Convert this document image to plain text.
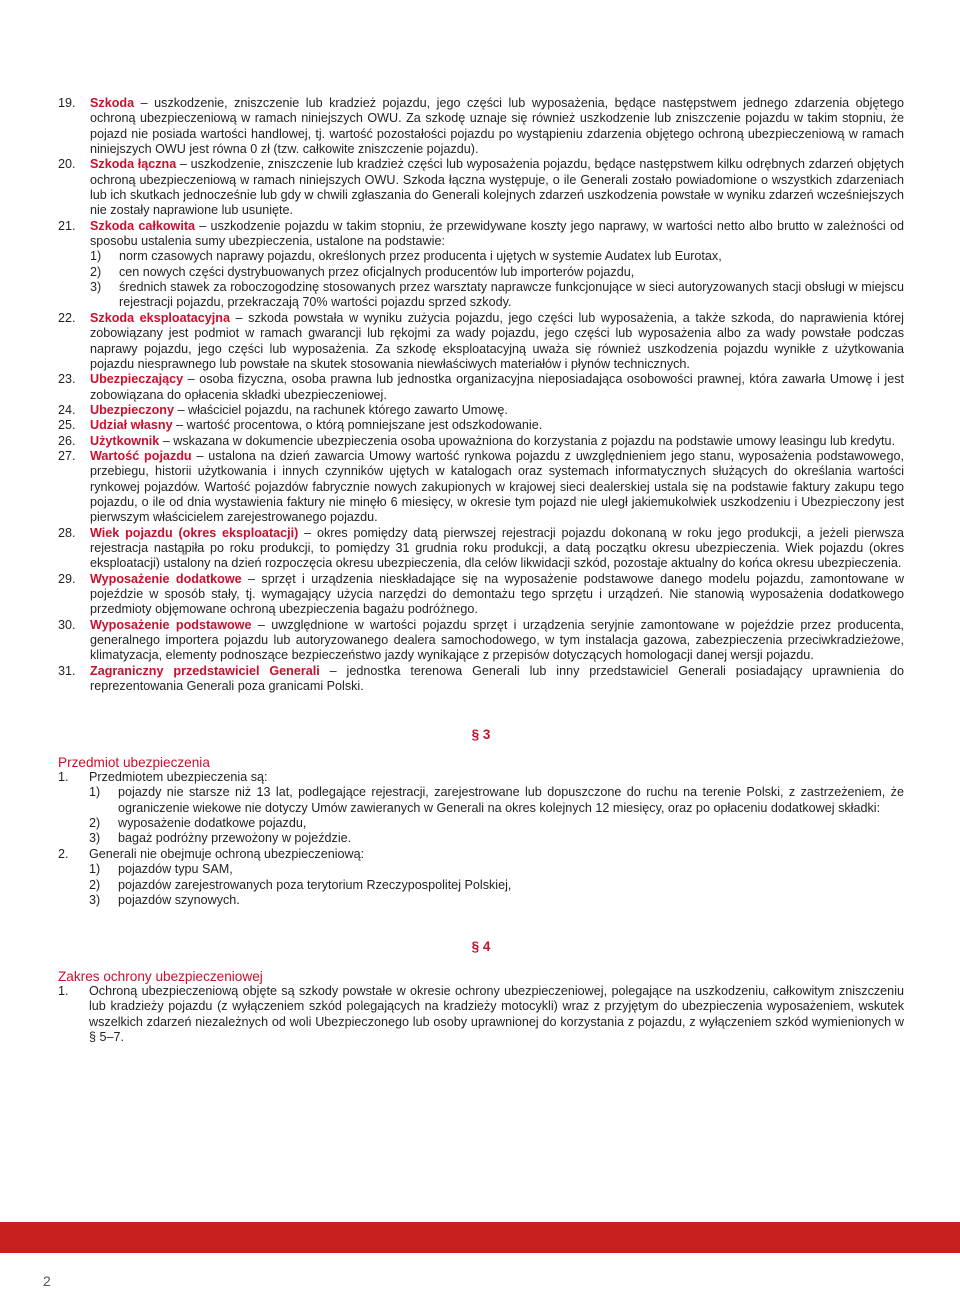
19. Szkoda – uszkodzenie, zniszczenie lub kradzież pojazdu, jego części lub wyposażenia, będące następstwem jednego zdarzenia objętego ochroną ubezpieczeniową w ramach niniejszych OWU. Za szkodę uznaje się również uszkodzenie lub zniszczenie pojazdu w takim stopniu, że pojazd nie posiada wartości handlowej, tj. wartość pozostałości pojazdu po wystąpieniu zdarzenia objętego ochroną ubezpieczeniową w ramach niniejszych OWU jest równa 0 zł (tzw. całkowite zniszczenie pojazdu).
20. Szkoda łączna – uszkodzenie, zniszczenie lub kradzież części lub wyposażenia pojazdu, będące następstwem kilku odrębnych zdarzeń objętych ochroną ubezpieczeniową w ramach niniejszych OWU. Szkoda łączna występuje, o ile Generali zostało powiadomione o wszystkich zdarzeniach lub ich skutkach jednocześnie lub gdy w chwili zgłaszania do Generali kolejnych zdarzeń uszkodzenia powstałe w wyniku zdarzeń wcześniejszych nie zostały naprawione lub usunięte.
21. Szkoda całkowita – uszkodzenie pojazdu w takim stopniu, że przewidywane koszty jego naprawy, w wartości netto albo brutto w zależności od sposobu ustalenia sumy ubezpieczenia, ustalone na podstawie:
1) norm czasowych naprawy pojazdu, określonych przez producenta i ujętych w systemie Audatex lub Eurotax,
2) cen nowych części dystrybuowanych przez oficjalnych producentów lub importerów pojazdu,
3) średnich stawek za roboczogodzinę stosowanych przez warsztaty naprawcze funkcjonujące w sieci autoryzowanych stacji obsługi w miejscu rejestracji pojazdu, przekraczają 70% wartości pojazdu sprzed szkody.
22. Szkoda eksploatacyjna – szkoda powstała w wyniku zużycia pojazdu, jego części lub wyposażenia, a także szkoda, do naprawienia której zobowiązany jest podmiot w ramach gwarancji lub rękojmi za wady pojazdu, jego części lub wyposażenia albo za wady powstałe podczas naprawy pojazdu, jego części lub wyposażenia. Za szkodę eksploatacyjną uważa się również uszkodzenia pojazdu wynikłe z użytkowania pojazdu niesprawnego lub powstałe na skutek stosowania niewłaściwych materiałów i płynów technicznych.
23. Ubezpieczający – osoba fizyczna, osoba prawna lub jednostka organizacyjna nieposiadająca osobowości prawnej, która zawarła Umowę i jest zobowiązana do opłacenia składki ubezpieczeniowej.
24. Ubezpieczony – właściciel pojazdu, na rachunek którego zawarto Umowę.
25. Udział własny – wartość procentowa, o którą pomniejszane jest odszkodowanie.
26. Użytkownik – wskazana w dokumencie ubezpieczenia osoba upoważniona do korzystania z pojazdu na podstawie umowy leasingu lub kredytu.
27. Wartość pojazdu – ustalona na dzień zawarcia Umowy wartość rynkowa pojazdu z uwzględnieniem jego stanu, wyposażenia podstawowego, przebiegu, historii użytkowania i innych czynników ujętych w katalogach oraz systemach informatycznych służących do określania wartości rynkowej pojazdów. Wartość pojazdów fabrycznie nowych zakupionych w krajowej sieci dealerskiej ustala się na podstawie faktury zakupu tego pojazdu, o ile od dnia wystawienia faktury nie minęło 6 miesięcy, w okresie tym pojazd nie uległ jakiemukolwiek uszkodzeniu i Ubezpieczony jest pierwszym właścicielem zarejestrowanego pojazdu.
28. Wiek pojazdu (okres eksploatacji) – okres pomiędzy datą pierwszej rejestracji pojazdu dokonaną w roku jego produkcji, a jeżeli pierwsza rejestracja nastąpiła po roku produkcji, to pomiędzy 31 grudnia roku produkcji, a datą początku okresu ubezpieczenia. Wiek pojazdu (okres eksploatacji) ustalony na dzień rozpoczęcia okresu ubezpieczenia, dla celów likwidacji szkód, pozostaje aktualny do końca okresu ubezpieczenia.
29. Wyposażenie dodatkowe – sprzęt i urządzenia nieskładające się na wyposażenie podstawowe danego modelu pojazdu, zamontowane w pojeździe w sposób stały, tj. wymagający użycia narzędzi do demontażu tego sprzętu i urządzeń. Nie stanowią wyposażenia dodatkowego przedmioty objęmowane ochroną ubezpieczenia bagażu podróżnego.
30. Wyposażenie podstawowe – uwzględnione w wartości pojazdu sprzęt i urządzenia seryjnie zamontowane w pojeździe przez producenta, generalnego importera pojazdu lub autoryzowanego dealera samochodowego, w tym instalacja gazowa, zabezpieczenia przeciwkradzieżowe, klimatyzacja, elementy podnoszące bezpieczeństwo jazdy wynikające z przepisów dotyczących homologacji danej wersji pojazdu.
31. Zagraniczny przedstawiciel Generali – jednostka terenowa Generali lub inny przedstawiciel Generali posiadający uprawnienia do reprezentowania Generali poza granicami Polski.
§ 3
Przedmiot ubezpieczenia
1. Przedmiotem ubezpieczenia są:
1) pojazdy nie starsze niż 13 lat, podlegające rejestracji, zarejestrowane lub dopuszczone do ruchu na terenie Polski, z zastrzeżeniem, że ograniczenie wiekowe nie dotyczy Umów zawieranych w Generali na okres kolejnych 12 miesięcy, oraz po opłaceniu dodatkowej składki:
2) wyposażenie dodatkowe pojazdu,
3) bagaż podróżny przewożony w pojeździe.
2. Generali nie obejmuje ochroną ubezpieczeniową:
1) pojazdów typu SAM,
2) pojazdów zarejestrowanych poza terytorium Rzeczypospolitej Polskiej,
3) pojazdów szynowych.
§ 4
Zakres ochrony ubezpieczeniowej
1. Ochroną ubezpieczeniową objęte są szkody powstałe w okresie ochrony ubezpieczeniowej, polegające na uszkodzeniu, całkowitym zniszczeniu lub kradzieży pojazdu (z wyłączeniem szkód polegających na kradzieży motocykli) wraz z przyjętym do ubezpieczenia wyposażeniem, wskutek wszelkich zdarzeń niezależnych od woli Ubezpieczonego lub osoby uprawnionej do korzystania z pojazdu, z wyłączeniem szkód wymienionych w § 5–7.
2
